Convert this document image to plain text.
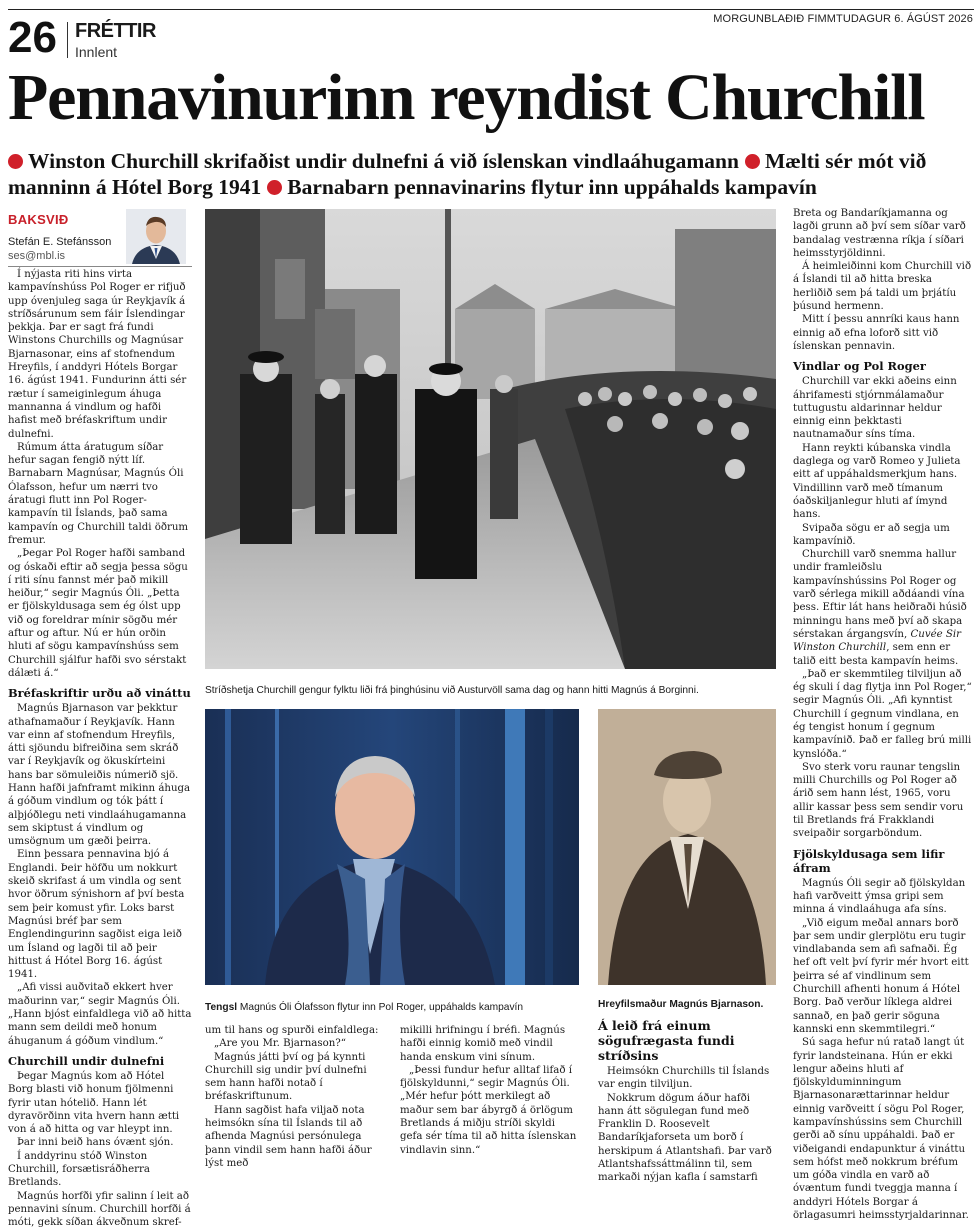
26 FRÉTTIR
Innlent
MORGUNBLAÐIÐ FIMMTUDAGUR 6. ÁGÚST 2026
Pennavinurinn reyndist Churchill
Winston Churchill skrifaðist undir dulnefni á við íslenskan vindlaáhugamann Mælti sér mót við manninn á Hótel Borg 1941 Barnabarn pennavinarins flytur inn uppáhalds kampavín
BAKSVIÐ
Stefán E. Stefánsson
ses@mbl.is

Í nýjasta riti hins virta kampavínshúss Pol Roger er rifjuð upp óvenjuleg saga úr Reykjavík á stríðsárunum sem fáir Íslendingar þekkja. Þar er sagt frá fundi Winstons Churchills og Magnúsar Bjarnasonar, eins af stofnendum Hreyfils, í anddyri Hótels Borgar 16. ágúst 1941. Fundurinn átti sér rætur í sameiginlegum áhuga mannanna á vindlum og hafði hafist með bréfaskriftum undir dulnefni.

Rúmum átta áratugum síðar hefur sagan fengið nýtt líf. Barnabarn Magnúsar, Magnús Óli Ólafsson, hefur um nærri tvo áratugi flutt inn Pol Roger-kampavín til Íslands, það sama kampavín og Churchill taldi öðrum fremur.

„Þegar Pol Roger hafði samband og óskaði eftir að segja þessa sögu í riti sínu fannst mér það mikill heiður,“ segir Magnús Óli. „Þetta er fjölskyldusaga sem ég ólst upp við og foreldrar mínir sögðu mér aftur og aftur. Nú er hún orðin hluti af sögu kampavínshúss sem Churchill sjálfur hafði svo sérstakt dálæti á.“

Bréfaskriftir urðu að vináttu

Magnús Bjarnason var þekktur athafnamaður í Reykjavík. Hann var einn af stofnendum Hreyfils, átti sjöundu bifreiðina sem skráð var í Reykjavík og ökuskírteini hans bar sömuleiðis númerið sjö. Hann hafði jafnframt mikinn áhuga á góðum vindlum og tók þátt í alþjóðlegu neti vindlaáhugamanna sem skiptust á vindlum og umsögnum um gæði þeirra.

Einn þessara pennavina bjó á Englandi. Þeir höfðu um nokkurt skeið skrifast á um vindla og sent hvor öðrum sýnishorn af því besta sem þeir komust yfir. Loks barst Magnúsi bréf þar sem Englendingurinn sagðist eiga leið um Ísland og lagði til að þeir hittust á Hótel Borg 16. ágúst 1941.

„Afi vissi auðvitað ekkert hver maðurinn var,“ segir Magnús Óli. „Hann bjóst einfaldlega við að hitta mann sem deildi með honum áhuganum á góðum vindlum.“

Churchill undir dulnefni

Þegar Magnús kom að Hótel Borg blasti við honum fjölmenni fyrir utan hótelið. Hann lét dyravörðinn vita hvern hann ætti von á að hitta og var hleypt inn.

Þar inni beið hans óvænt sjón.

Í anddyrinu stóð Winston Churchill, forsætisráðherra Bretlands.

Magnús horfði yfir salinn í leit að pennavini sínum. Churchill horfði á móti, gekk síðan ákveðnum skref-

Stríðshetja Churchill gengur fylktu liði frá þinghúsinu við Austurvöll sama dag og hann hitti Magnús á Borginni.
Tengsl Magnús Óli Ólafsson flytur inn Pol Roger, uppáhalds kampavín	Hreyfilsmaður Magnús Bjarnason.

um til hans og spurði einfaldlega:

„Are you Mr. Bjarnason?“

Magnús játti því og þá kynnti Churchill sig undir því dulnefni sem hann hafði notað í bréfaskriftunum.

Hann sagðist hafa viljað nota heimsókn sína til Íslands til að afhenda Magnúsi persónulega þann vindil sem hann hafði áður lýst með

mikilli hrifningu í bréfi. Magnús hafði einnig komið með vindil handa enskum vini sínum.

„Þessi fundur hefur alltaf lifað í fjölskyldunni,“ segir Magnús Óli. „Mér hefur þótt merkilegt að maður sem bar ábyrgð á örlögum Bretlands á miðju stríði skyldi gefa sér tíma til að hitta íslenskan vindlavin sinn.“

Á leið frá einum sögufrægasta fundi stríðsins

Heimsókn Churchills til Íslands var engin tilviljun.

Nokkrum dögum áður hafði hann átt sögulegan fund með Franklin D. Roosevelt Bandaríkjaforseta um borð í herskipum á Atlantshafi. Þar varð Atlantshafssáttmálinn til, sem markaði nýjan kafla í samstarfi

Breta og Bandaríkjamanna og lagði grunn að því sem síðar varð bandalag vestrænna ríkja í síðari heimsstyrjöldinni.

Á heimleiðinni kom Churchill við á Íslandi til að hitta breska herliðið sem þá taldi um þrjátíu þúsund hermenn.

Mitt í þessu annríki kaus hann einnig að efna loforð sitt við íslenskan pennavin.

Vindlar og Pol Roger

Churchill var ekki aðeins einn áhrifamesti stjórnmálamaður tuttugustu aldarinnar heldur einnig einn þekktasti nautnamaður síns tíma.

Hann reykti kúbanska vindla daglega og varð Romeo y Julieta eitt af uppáhaldsmerkjum hans. Vindillinn varð með tímanum óaðskiljanlegur hluti af ímynd hans.

Svipaða sögu er að segja um kampavínið.

Churchill varð snemma hallur undir framleiðslu kampavínshússins Pol Roger og varð sérlega mikill aðdáandi vína þess. Eftir lát hans heiðraði húsið minningu hans með því að skapa sérstakan árgangsvín, Cuvée Sir Winston Churchill, sem enn er talið eitt besta kampavín heims.

„Það er skemmtileg tilviljun að ég skuli í dag flytja inn Pol Roger,“ segir Magnús Óli. „Afi kynntist Churchill í gegnum vindlana, en ég tengist honum í gegnum kampavínið. Það er falleg brú milli kynslóða.“

Svo sterk voru raunar tengslin milli Churchills og Pol Roger að árið sem hann lést, 1965, voru allir kassar þess sem sendir voru til Bretlands frá Frakklandi sveipaðir sorgarböndum.

Fjölskyldusaga sem lifir áfram

Magnús Óli segir að fjölskyldan hafi varðveitt ýmsa gripi sem minna á vindlaáhuga afa síns.

„Við eigum meðal annars borð þar sem undir glerplötu eru tugir vindlabanda sem afi safnaði. Ég hef oft velt því fyrir mér hvort eitt þeirra sé af vindlinum sem Churchill afhenti honum á Hótel Borg. Það verður líklega aldrei sannað, en það gerir söguna kannski enn skemmtilegri.“

Sú saga hefur nú ratað langt út fyrir landsteinana. Hún er ekki lengur aðeins hluti af fjölskylduminningum Bjarnasonarættarinnar heldur einnig varðveitt í sögu Pol Roger, kampavínshússins sem Churchill gerði að sínu uppáhaldi. Það er viðeigandi endapunktur á vináttu sem hófst með nokkrum bréfum um góða vindla en varð að óvæntum fundi tveggja manna í anddyri Hótels Borgar á örlagasumri heimsstyrjaldarinnar.
